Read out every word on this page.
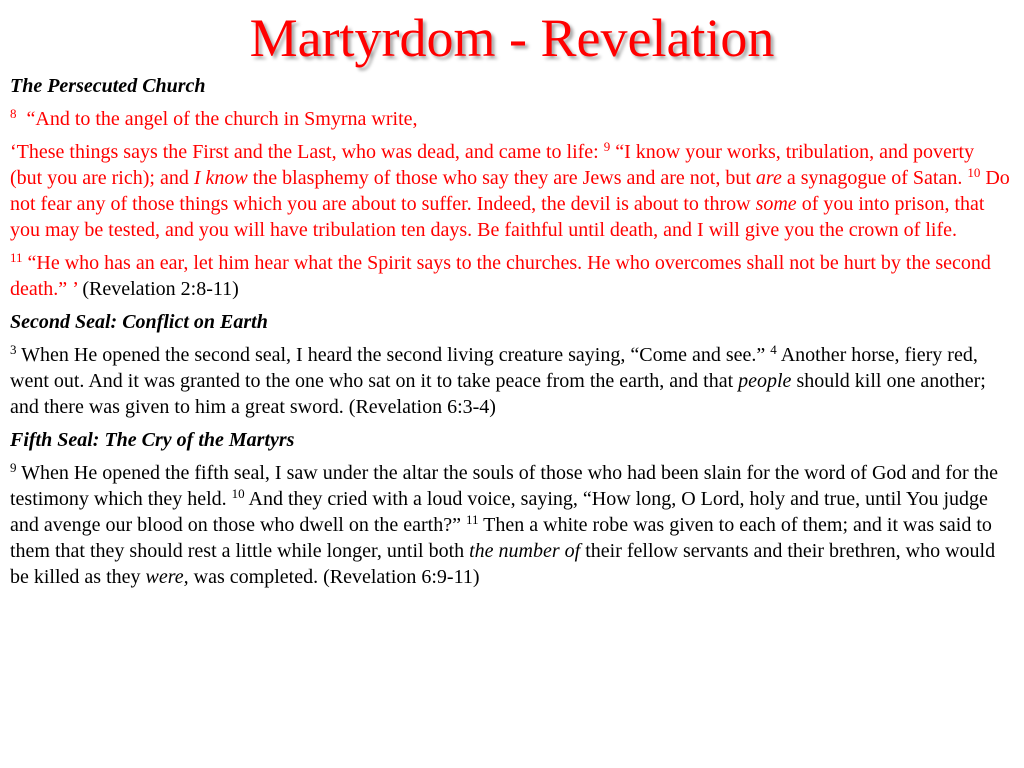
Martyrdom - Revelation

The Persecuted Church

$^8$ “And to the angel of the church in Smyrna write,

‘These things says the First and the Last, who was dead, and came to life: $^9$ “I know your works, tribulation, and poverty (but you are rich); and I know the blasphemy of those who say they are Jews and are not, but are a synagogue of Satan. $^{10}$ Do not fear any of those things which you are about to suffer. Indeed, the devil is about to throw some of you into prison, that you may be tested, and you will have tribulation ten days. Be faithful until death, and I will give you the crown of life.

$^{11}$ “He who has an ear, let him hear what the Spirit says to the churches. He who overcomes shall not be hurt by the second death.” ’ (Revelation 2:8-11)

Second Seal: Conflict on Earth

$^3$ When He opened the second seal, I heard the second living creature saying, “Come and see.” $^4$ Another horse, fiery red, went out. And it was granted to the one who sat on it to take peace from the earth, and that people should kill one another; and there was given to him a great sword. (Revelation 6:3-4)

Fifth Seal: The Cry of the Martyrs

$^9$ When He opened the fifth seal, I saw under the altar the souls of those who had been slain for the word of God and for the testimony which they held. $^{10}$ And they cried with a loud voice, saying, “How long, O Lord, holy and true, until You judge and avenge our blood on those who dwell on the earth?” $^{11}$ Then a white robe was given to each of them; and it was said to them that they should rest a little while longer, until both the number of their fellow servants and their brethren, who would be killed as they were, was completed. (Revelation 6:9-11)
